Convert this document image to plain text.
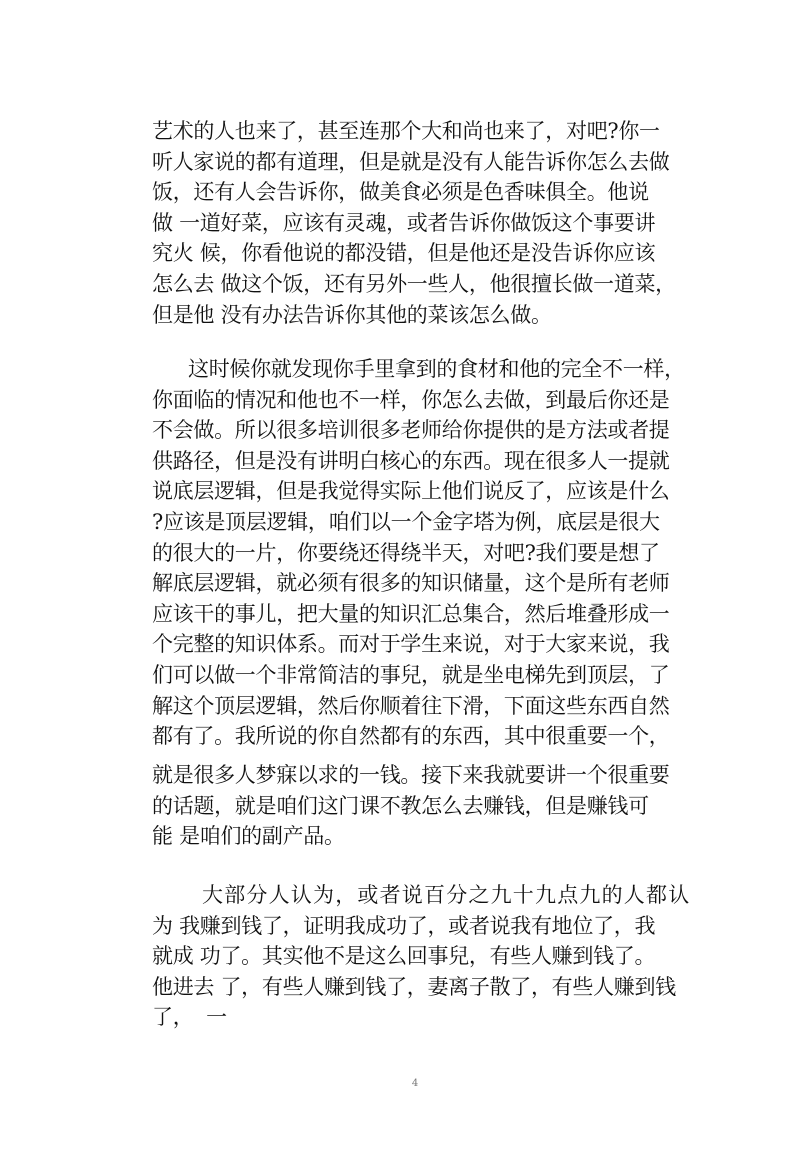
艺术的人也来了，甚至连那个大和尚也来了，对吧?你一
听人家说的都有道理，但是就是没有人能告诉你怎么去做
饭，还有人会告诉你，做美食必须是色香味俱全。他说
做 一道好菜，应该有灵魂，或者告诉你做饭这个事要讲
究火 候，你看他说的都没错，但是他还是没告诉你应该
怎么去 做这个饭，还有另外一些人，他很擅长做一道菜，
但是他 没有办法告诉你其他的菜该怎么做。
这时候你就发现你手里拿到的食材和他的完全不一样，
你面临的情况和他也不一样，你怎么去做，到最后你还是
不会做。所以很多培训很多老师给你提供的是方法或者提
供路径，但是没有讲明白核心的东西。现在很多人一提就
说底层逻辑，但是我觉得实际上他们说反了，应该是什么
?应该是顶层逻辑，咱们以一个金字塔为例，底层是很大
的很大的一片，你要绕还得绕半天，对吧?我们要是想了
解底层逻辑，就必须有很多的知识储量，这个是所有老师
应该干的事儿，把大量的知识汇总集合，然后堆叠形成一
个完整的知识体系。而对于学生来说，对于大家来说，我
们可以做一个非常简洁的事兒，就是坐电梯先到顶层，了
解这个顶层逻辑，然后你顺着往下滑，下面这些东西自然
都有了。我所说的你自然都有的东西，其中很重要一个，
就是很多人梦寐以求的一钱。接下来我就要讲一个很重要
的话题，就是咱们这门课不教怎么去赚钱，但是赚钱可
能 是咱们的副产品。
大部分人认为，或者说百分之九十九点九的人都认
为 我赚到钱了，证明我成功了，或者说我有地位了，我
就成 功了。其实他不是这么回事兒，有些人赚到钱了。
他进去 了，有些人赚到钱了，妻离子散了，有些人赚到钱
了，  一
4
